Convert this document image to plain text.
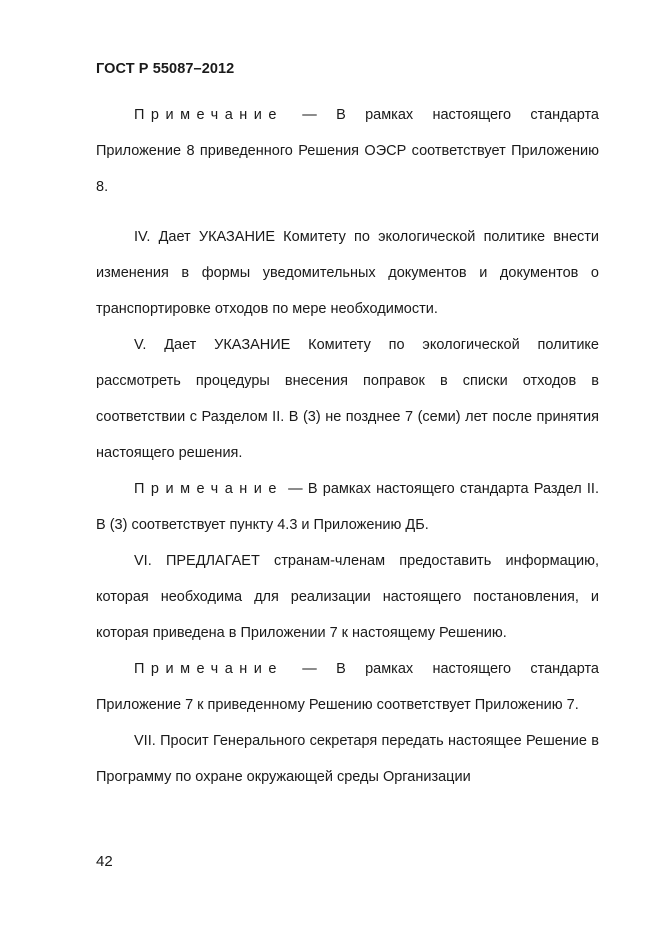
ГОСТ Р 55087–2012

Примечание — В рамках настоящего стандарта Приложение 8 приведенного Решения ОЭСР соответствует Приложению 8.

IV. Дает УКАЗАНИЕ Комитету по экологической политике внести изменения в формы уведомительных документов и документов о транспортировке отходов по мере необходимости.

V. Дает УКАЗАНИЕ Комитету по экологической политике рассмотреть процедуры внесения поправок в списки отходов в соответствии с Разделом II. В (3) не позднее 7 (семи) лет после принятия настоящего решения.

Примечание — В рамках настоящего стандарта Раздел II. В (3) соответствует пункту 4.3 и Приложению ДБ.

VI. ПРЕДЛАГАЕТ странам-членам предоставить информацию, которая необходима для реализации настоящего постановления, и которая приведена в Приложении 7 к настоящему Решению.

Примечание — В рамках настоящего стандарта Приложение 7 к приведенному Решению соответствует Приложению 7.

VII. Просит Генерального секретаря передать настоящее Решение в Программу по охране окружающей среды Организации

42
